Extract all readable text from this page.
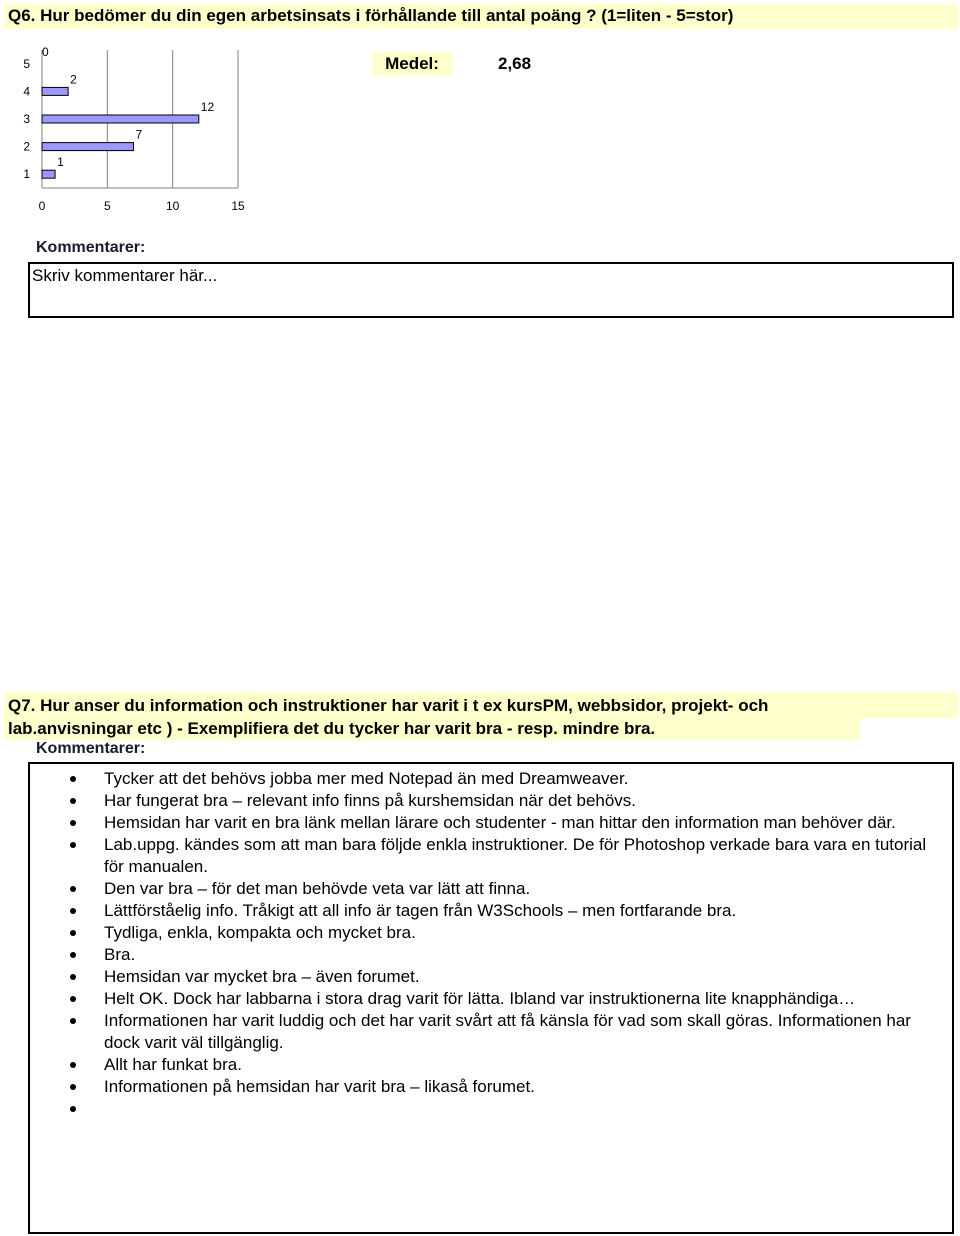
Q6. Hur bedömer du din egen arbetsinsats i förhållande till antal poäng ? (1=liten - 5=stor)
0	5	10	15
1
1
2
7
3
12
4
2
5
0
Medel:	2,68
Kommentarer:
Skriv kommentarer här...
Q7. Hur anser du information och instruktioner har varit i t ex kursPM, webbsidor, projekt- och
lab.anvisningar etc ) - Exemplifiera det du tycker har varit bra - resp. mindre bra.
Kommentarer:
Tycker att det behövs jobba mer med Notepad än med Dreamweaver.
Har fungerat bra – relevant info finns på kurshemsidan när det behövs.
Hemsidan har varit en bra länk mellan lärare och studenter - man hittar den information man behöver där.
Lab.uppg. kändes som att man bara följde enkla instruktioner. De för Photoshop verkade bara vara en tutorial för manualen.
Den var bra – för det man behövde veta var lätt att finna.
Lättförståelig info. Tråkigt att all info är tagen från W3Schools – men fortfarande bra.
Tydliga, enkla, kompakta och mycket bra.
Bra.
Hemsidan var mycket bra – även forumet.
Helt OK. Dock har labbarna i stora drag varit för lätta. Ibland var instruktionerna lite knapphändiga…
Informationen har varit luddig och det har varit svårt att få känsla för vad som skall göras. Informationen har dock varit väl tillgänglig.
Allt har funkat bra.
Informationen på hemsidan har varit bra – likaså forumet.
